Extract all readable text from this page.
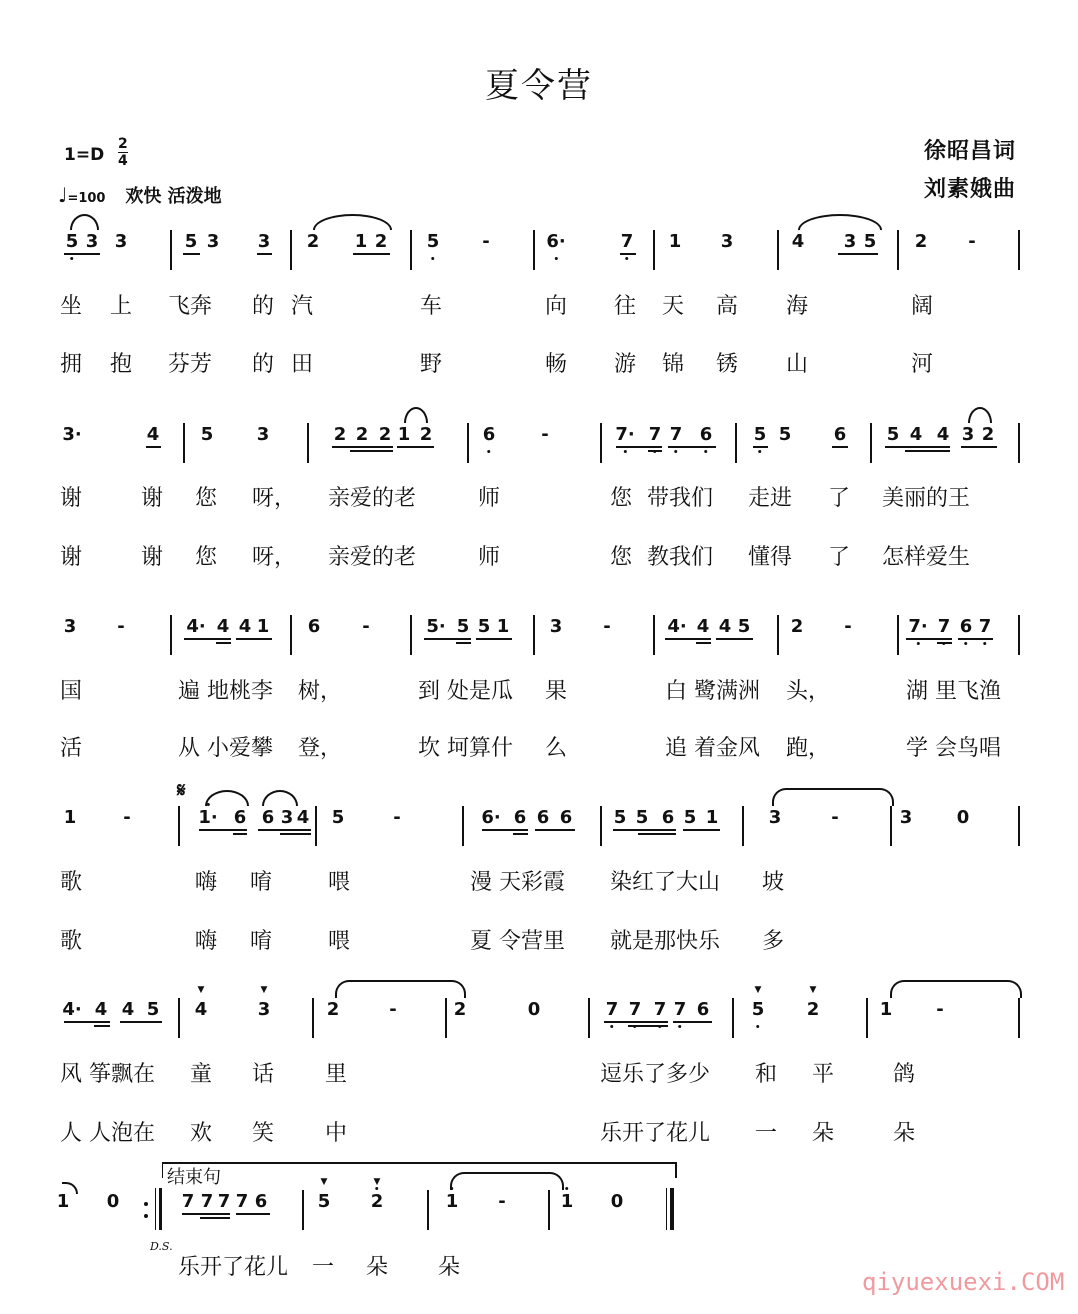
夏令营
1=D
2
4
♩=100 欢快 活泼地
徐昭昌词
刘素娥曲
5 3 3	5 3 3 2 1 2 5 -	6·	7 1 3	4 3 5 2 -
坐 上 飞奔 的 汽	车	向 往 天 高 海	阔
拥 抱 芬芳 的 田	野	畅 游 锦 锈 山	河
3·	4 5 3	2 2 2 1 2	6	-	7· 7 7 6 5 5 6 5 4 4 3 2
谢	谢 您 呀， 亲爱的老	师	您 带我们 走进 了 美丽的王
谢	谢 您 呀， 亲爱的老	师	您 教我们 懂得 了 怎样爱生
3 -	4· 4 4 1 6 -	5· 5 5 1 3 -	4· 4 4 5 2 -	7· 7 6 7
国	遍 地桃李 树，	到 处是瓜 果	白 鹭满洲 头，	湖 里飞渔
活	从 小爱攀 登，	坎 坷算什 么	追 着金风 跑，	学 会鸟唱
1	-	1· 6 6 3 4 5	-	6· 6 6 6 5 5 6 5 1	3	-	3 0
𝄋
歌	嗨 唷	喂	漫 天彩霞 染红了大山 坡
歌	嗨 唷	喂	夏 令营里 就是那快乐 多
4· 4 4 5 4
▼
3
▼
2	-	2	0	7 7 7 7 6 5
▼
2
▼
1 -
风 筝飘在 童 话 里	逗乐了多少 和 平	鸽
人 人泡在 欢 笑 中	乐开了花儿 一 朵	朵
1 0	7 7 7 7 6	5
▼
2
▼
1 -	1 0
乐开了花儿 一 朵 朵
结束句
D.S.
qiyuexuexi.COM
